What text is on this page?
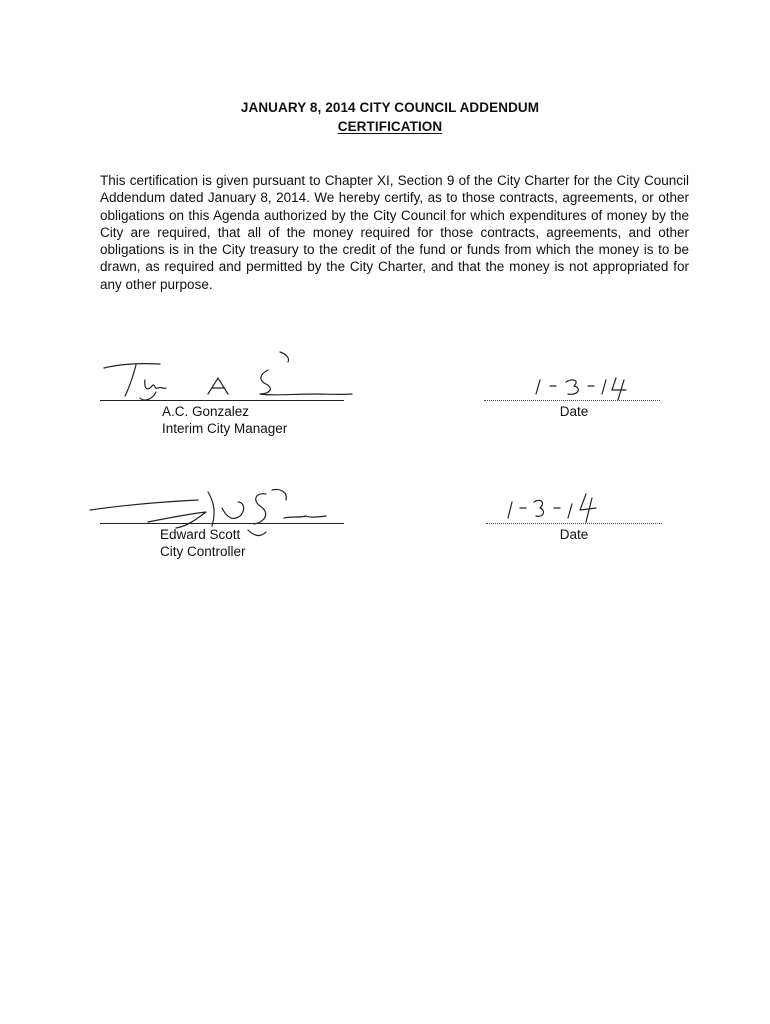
JANUARY 8, 2014 CITY COUNCIL ADDENDUM
CERTIFICATION

This certification is given pursuant to Chapter XI, Section 9 of the City Charter for the City Council Addendum dated January 8, 2014. We hereby certify, as to those contracts, agreements, or other obligations on this Agenda authorized by the City Council for which expenditures of money by the City are required, that all of the money required for those contracts, agreements, and other obligations is in the City treasury to the credit of the fund or funds from which the money is to be drawn, as required and permitted by the City Charter, and that the money is not appropriated for any other purpose.

A.C. Gonzalez
Interim City Manager
Date
Edward Scott
City Controller
Date
